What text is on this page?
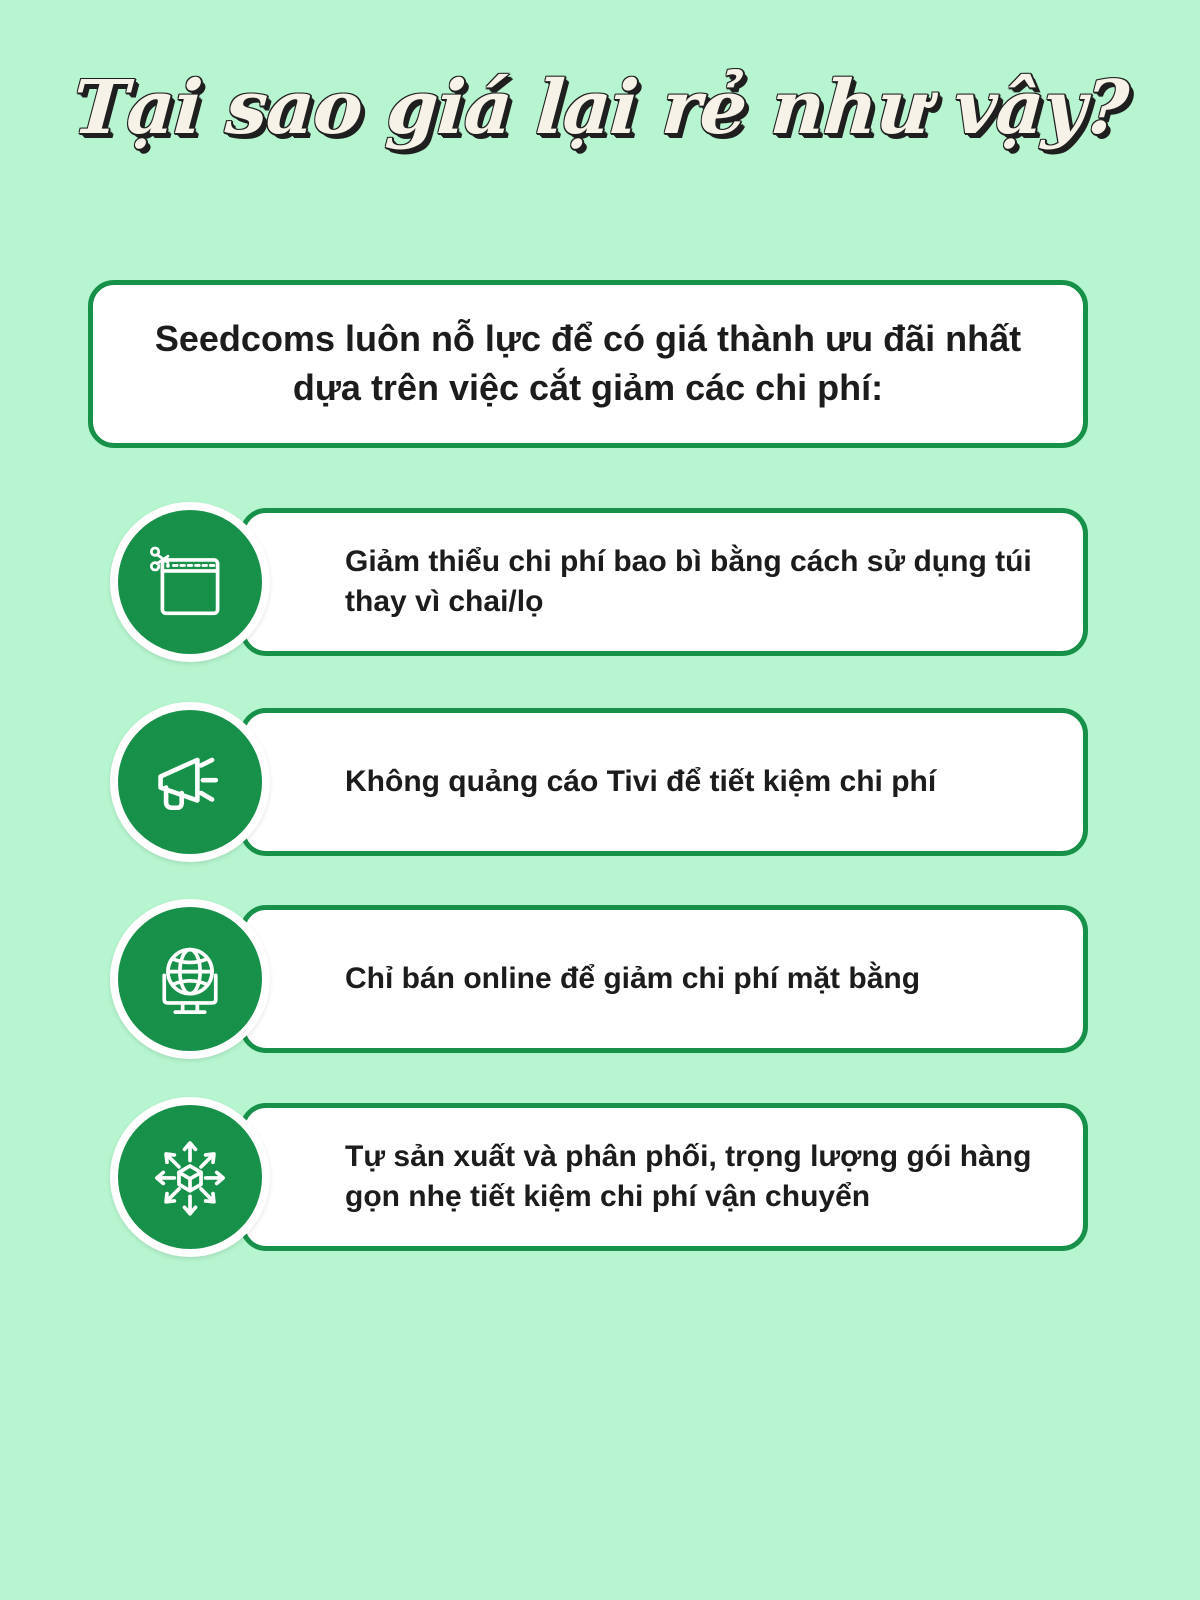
Tại sao giá lại rẻ như vậy?
Seedcoms luôn nỗ lực để có giá thành ưu đãi nhất dựa trên việc cắt giảm các chi phí:
Giảm thiểu chi phí bao bì bằng cách sử dụng túi thay vì chai/lọ
Không quảng cáo Tivi để tiết kiệm chi phí
Chỉ bán online để giảm chi phí mặt bằng
Tự sản xuất và phân phối, trọng lượng gói hàng gọn nhẹ tiết kiệm chi phí vận chuyển
